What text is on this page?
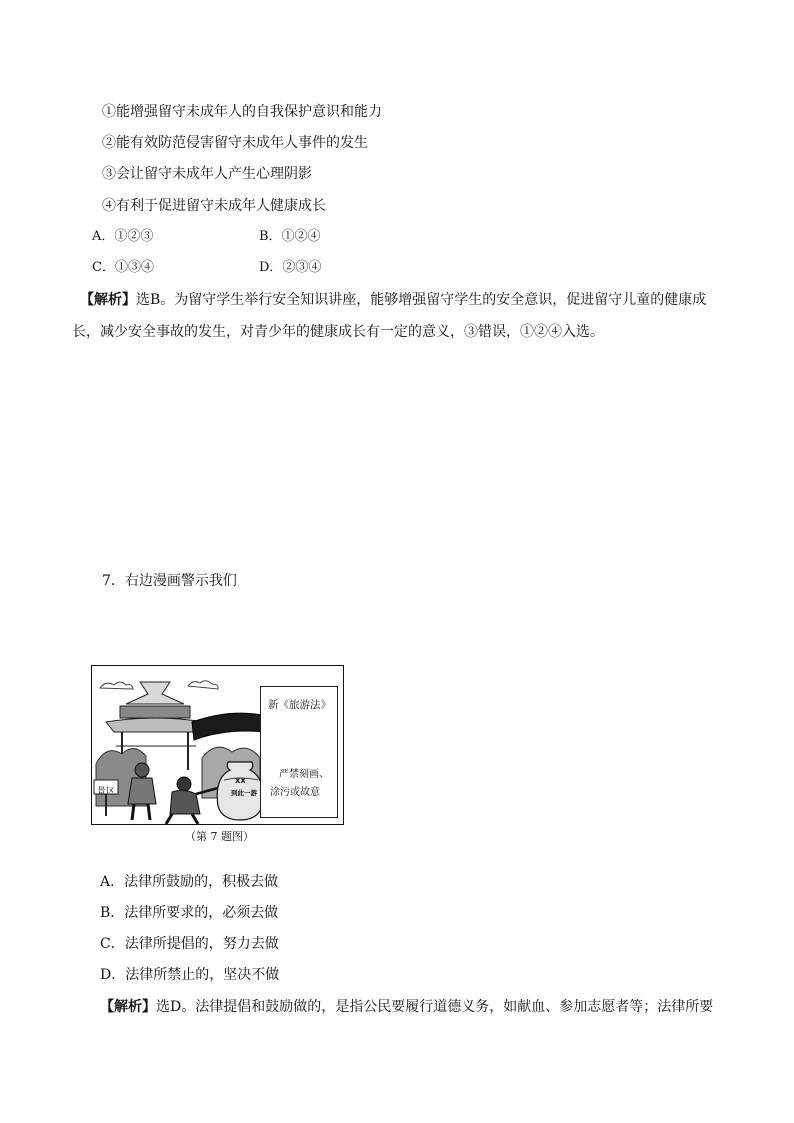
①能增强留守未成年人的自我保护意识和能力
②能有效防范侵害留守未成年人事件的发生
③会让留守未成年人产生心理阴影
④有利于促进留守未成年人健康成长
A．①②③	B．①②④
C．①③④	D．②③④
【解析】选B。为留守学生举行安全知识讲座，能够增强留守学生的安全意识，促进留守儿童的健康成
长，减少安全事故的发生，对青少年的健康成长有一定的意义，③错误，①②④入选。
7．右边漫画警示我们
新《旅游法》
严禁刻画、
涂污或故意
景区
XX
到此一游
（第 7 题图）
A．法律所鼓励的，积极去做
B．法律所要求的，必须去做
C．法律所提倡的，努力去做
D．法律所禁止的，坚决不做
【解析】选D。法律提倡和鼓励做的，是指公民要履行道德义务，如献血、参加志愿者等；法律所要
